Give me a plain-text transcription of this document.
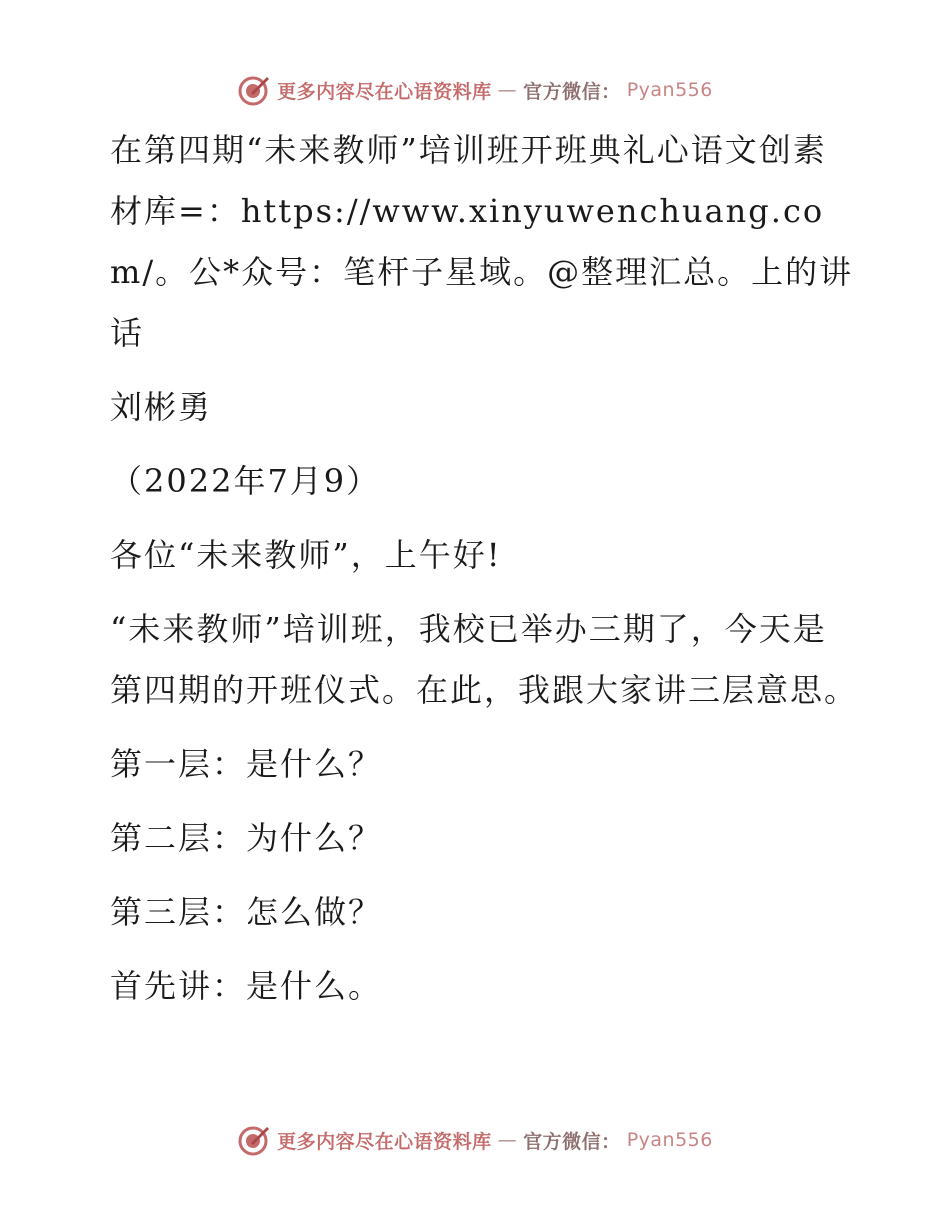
更多内容尽在心语资料库 — 官方微信： Pyan556

在第四期“未来教师”培训班开班典礼心语文创素材库=：https://www.xinyuwenchuang.com/。公*众号：笔杆子星域。@整理汇总。上的讲话

刘彬勇

（2022年7月9）

各位“未来教师”，上午好!

“未来教师”培训班，我校已举办三期了，今天是第四期的开班仪式。在此，我跟大家讲三层意思。

第一层：是什么？

第二层：为什么？

第三层：怎么做？

首先讲：是什么。

更多内容尽在心语资料库 — 官方微信： Pyan556
